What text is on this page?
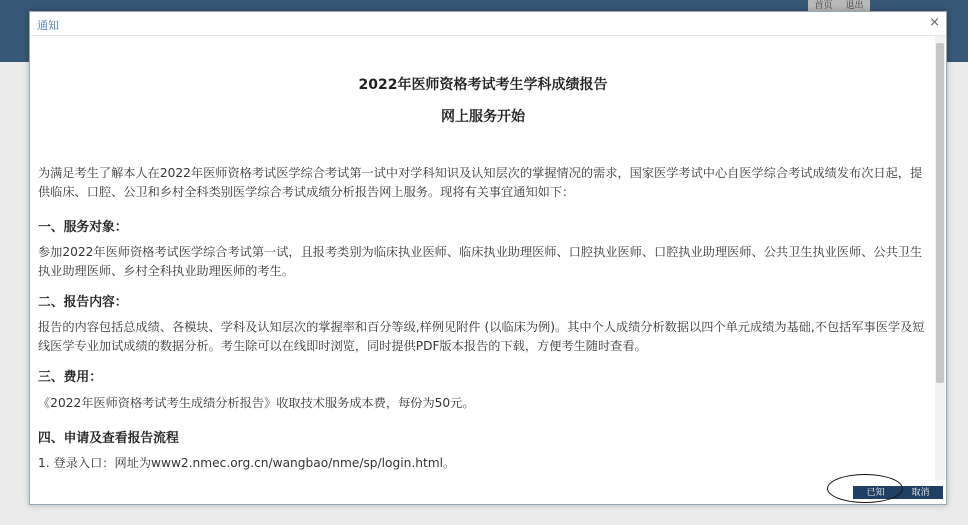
首页 退出
通知	×
2022年医师资格考试考生学科成绩报告
网上服务开始

为满足考生了解本人在2022年医师资格考试医学综合考试第一试中对学科知识及认知层次的掌握情况的需求，国家医学考试中心自医学综合考试成绩发布次日起，提供临床、口腔、公卫和乡村全科类别医学综合考试成绩分析报告网上服务。现将有关事宜通知如下：

一、服务对象：

参加2022年医师资格考试医学综合考试第一试，且报考类别为临床执业医师、临床执业助理医师、口腔执业医师、口腔执业助理医师、公共卫生执业医师、公共卫生执业助理医师、乡村全科执业助理医师的考生。

二、报告内容：

报告的内容包括总成绩、各模块、学科及认知层次的掌握率和百分等级,样例见附件 (以临床为例)。其中个人成绩分析数据以四个单元成绩为基础,不包括军事医学及短线医学专业加试成绩的数据分析。考生除可以在线即时浏览，同时提供PDF版本报告的下载，方便考生随时查看。

三、费用：

《2022年医师资格考试考生成绩分析报告》收取技术服务成本费，每份为50元。

四、申请及查看报告流程

1. 登录入口：网址为www2.nmec.org.cn/wangbao/nme/sp/login.html。

已知	取消
